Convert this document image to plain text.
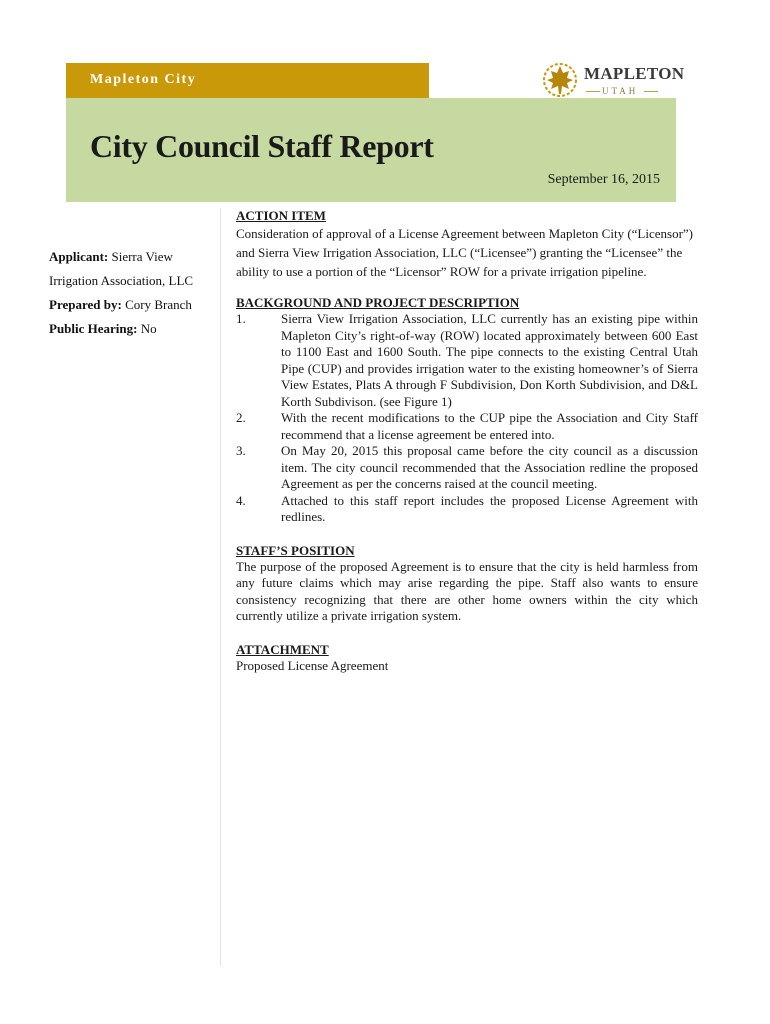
Mapleton City	MAPLETON
UTAH
City Council Staff Report
September 16, 2015
Applicant: Sierra View Irrigation Association, LLC
Prepared by: Cory Branch
Public Hearing: No

ACTION ITEM

Consideration of approval of a License Agreement between Mapleton City (“Licensor”) and Sierra View Irrigation Association, LLC (“Licensee”) granting the “Licensee” the ability to use a portion of the “Licensor” ROW for a private irrigation pipeline.

BACKGROUND AND PROJECT DESCRIPTION

1.	Sierra View Irrigation Association, LLC currently has an existing pipe within Mapleton City’s right-of-way (ROW) located approximately between 600 East to 1100 East and 1600 South. The pipe connects to the existing Central Utah Pipe (CUP) and provides irrigation water to the existing homeowner’s of Sierra View Estates, Plats A through F Subdivision, Don Korth Subdivision, and D&L Korth Subdivison. (see Figure 1)
2.	With the recent modifications to the CUP pipe the Association and City Staff recommend that a license agreement be entered into.
3.	On May 20, 2015 this proposal came before the city council as a discussion item. The city council recommended that the Association redline the proposed Agreement as per the concerns raised at the council meeting.
4.	Attached to this staff report includes the proposed License Agreement with redlines.

STAFF’S POSITION

The purpose of the proposed Agreement is to ensure that the city is held harmless from any future claims which may arise regarding the pipe. Staff also wants to ensure consistency recognizing that there are other home owners within the city which currently utilize a private irrigation system.

ATTACHMENT

Proposed License Agreement
